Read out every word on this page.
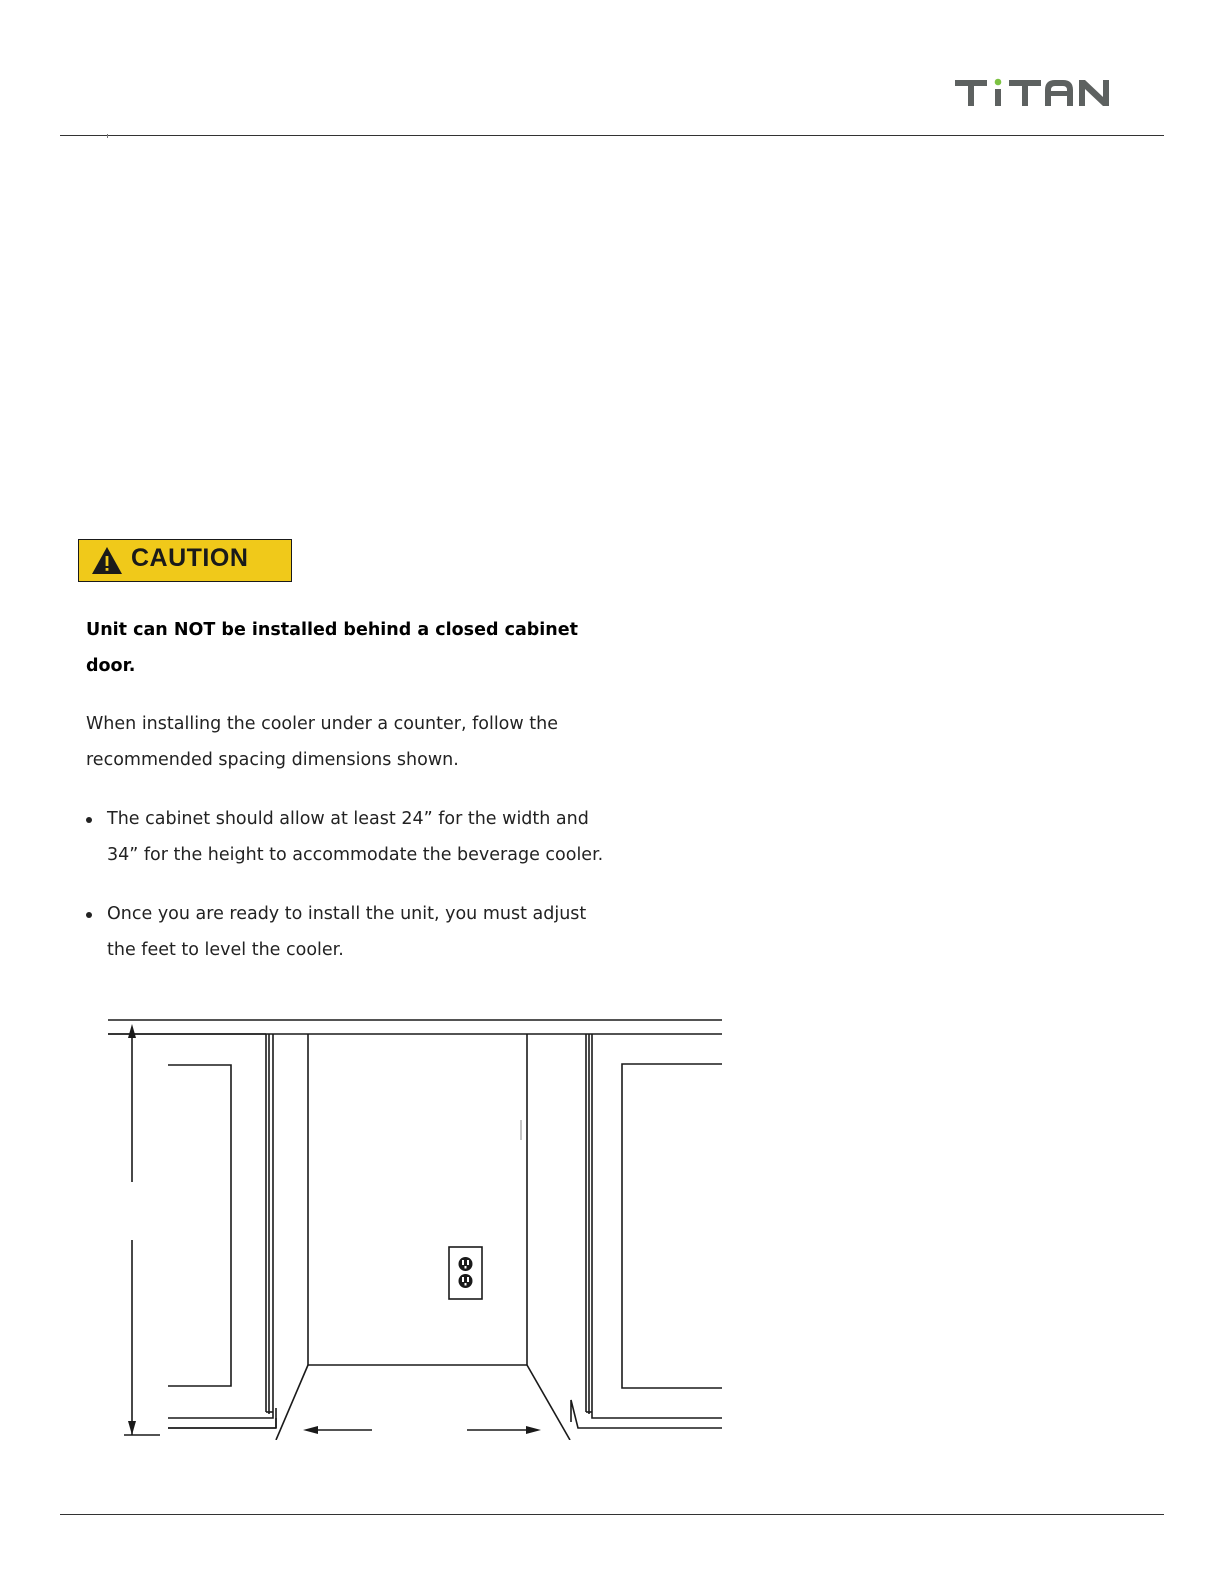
CAUTION
Unit can NOT be installed behind a closed cabinet door.
When installing the cooler under a counter, follow the recommended spacing dimensions shown.
The cabinet should allow at least 24” for the width and 34” for the height to accommodate the beverage cooler.
Once you are ready to install the unit, you must adjust the feet to level the cooler.
